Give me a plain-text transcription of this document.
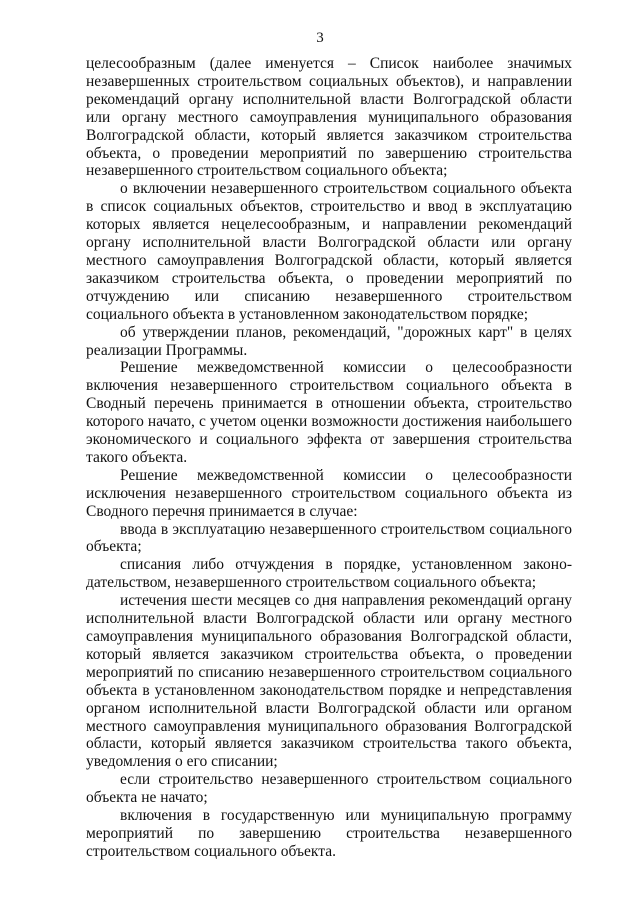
3

целесообразным (далее именуется – Список наиболее значимых незавершенных строительством социальных объектов), и направлении рекомендаций органу исполнительной власти Волгоградской области или органу местного самоуправления муниципального образования Волгоградской области, который является заказчиком строительства объекта, о проведении мероприятий по завершению строительства незавершенного строительством социального объекта;

о включении незавершенного строительством социального объекта в список социальных объектов, строительство и ввод в эксплуатацию которых является нецелесообразным, и направлении рекомендаций органу исполнительной власти Волгоградской области или органу местного самоуправления Волгоградской области, который является заказчиком строительства объекта, о проведении мероприятий по отчуждению или списанию незавершенного строительством социального объекта в установленном законодательством порядке;

об утверждении планов, рекомендаций, "дорожных карт" в целях реализации Программы.

Решение межведомственной комиссии о целесообразности включения незавершенного строительством социального объекта в Сводный перечень принимается в отношении объекта, строительство которого начато, с учетом оценки возможности достижения наибольшего экономического и социального эффекта от завершения строительства такого объекта.

Решение межведомственной комиссии о целесообразности исключения незавершенного строительством социального объекта из Сводного перечня принимается в случае:

ввода в эксплуатацию незавершенного строительством социального объекта;

списания либо отчуждения в порядке, установленном законодательством, незавершенного строительством социального объекта;

истечения шести месяцев со дня направления рекомендаций органу исполнительной власти Волгоградской области или органу местного самоуправления муниципального образования Волгоградской области, который является заказчиком строительства объекта, о проведении мероприятий по списанию незавершенного строительством социального объекта в установленном законодательством порядке и непредставления органом исполнительной власти Волгоградской области или органом местного самоуправления муниципального образования Волгоградской области, который является заказчиком строительства такого объекта, уведомления о его списании;

если строительство незавершенного строительством социального объекта не начато;

включения в государственную или муниципальную программу мероприятий по завершению строительства незавершенного строительством социального объекта.
